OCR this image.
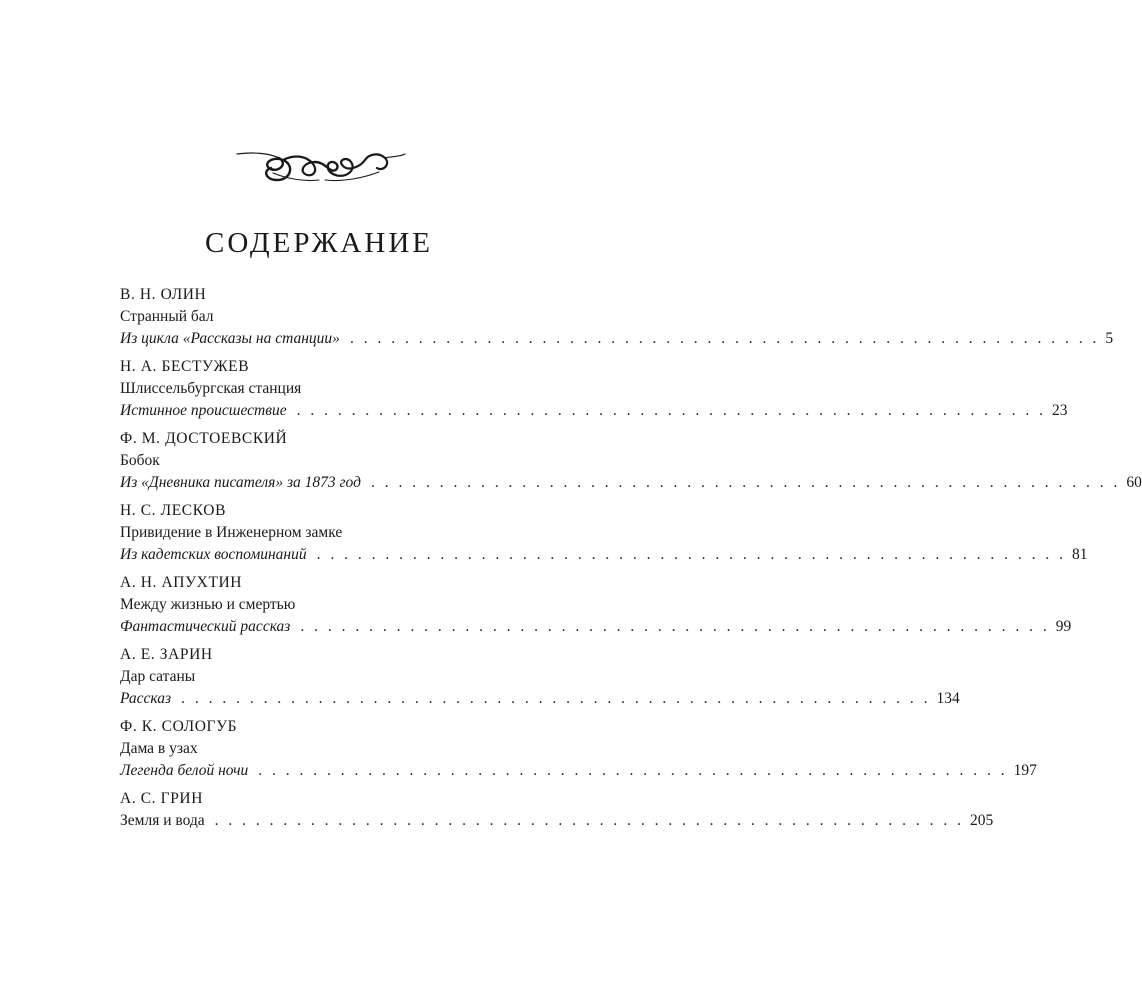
СОДЕРЖАНИЕ
В. Н. ОЛИН
Странный бал
Из цикла «Рассказы на станции» . . . . . . . . . . . . . . . . . . . . . . . . . . . . . . . . . . . . . . . . . . . . . . . . . . . . . . . 5
Н. А. БЕСТУЖЕВ
Шлиссельбургская станция
Истинное происшествие . . . . . . . . . . . . . . . . . . . . . . . . . . . . . . . . . . . . . . . . . . . . . . . . . . . . . . . 23
Ф. М. ДОСТОЕВСКИЙ
Бобок
Из «Дневника писателя» за 1873 год . . . . . . . . . . . . . . . . . . . . . . . . . . . . . . . . . . . . . . . . . . . . . . . . . . . . . . . 60
Н. С. ЛЕСКОВ
Привидение в Инженерном замке
Из кадетских воспоминаний . . . . . . . . . . . . . . . . . . . . . . . . . . . . . . . . . . . . . . . . . . . . . . . . . . . . . . . 81
А. Н. АПУХТИН
Между жизнью и смертью
Фантастический рассказ . . . . . . . . . . . . . . . . . . . . . . . . . . . . . . . . . . . . . . . . . . . . . . . . . . . . . . . 99
А. Е. ЗАРИН
Дар сатаны
Рассказ . . . . . . . . . . . . . . . . . . . . . . . . . . . . . . . . . . . . . . . . . . . . . . . . . . . . . . . 134
Ф. К. СОЛОГУБ
Дама в узах
Легенда белой ночи . . . . . . . . . . . . . . . . . . . . . . . . . . . . . . . . . . . . . . . . . . . . . . . . . . . . . . . 197
А. С. ГРИН
Земля и вода . . . . . . . . . . . . . . . . . . . . . . . . . . . . . . . . . . . . . . . . . . . . . . . . . . . . . . . 205
